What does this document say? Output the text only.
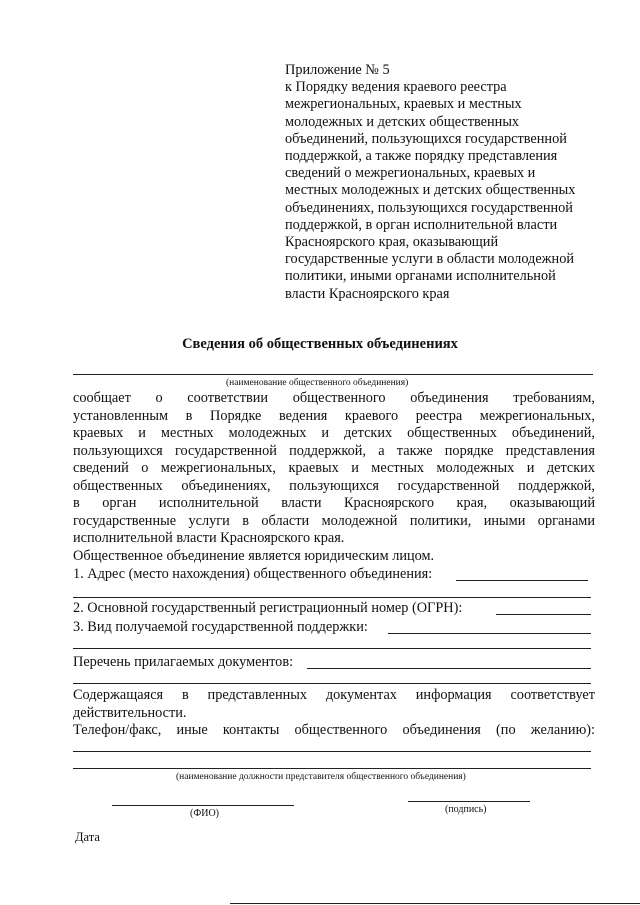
Приложение № 5
к Порядку ведения краевого реестра
межрегиональных, краевых и местных
молодежных и детских общественных
объединений, пользующихся государственной
поддержкой, а также порядку представления
сведений о межрегиональных, краевых и
местных молодежных и детских общественных
объединениях, пользующихся государственной
поддержкой, в орган исполнительной власти
Красноярского края, оказывающий
государственные услуги в области молодежной
политики, иными органами исполнительной
власти Красноярского края
Сведения об общественных объединениях
(наименование общественного объединения)
сообщает о соответствии общественного объединения требованиям,
установленным в Порядке ведения краевого реестра межрегиональных,
краевых и местных молодежных и детских общественных объединений,
пользующихся государственной поддержкой, а также порядке представления
сведений о межрегиональных, краевых и местных молодежных и детских
общественных объединениях, пользующихся государственной поддержкой,
в орган исполнительной власти Красноярского края, оказывающий
государственные услуги в области молодежной политики, иными органами
исполнительной власти Красноярского края.
Общественное объединение является юридическим лицом.
1. Адрес (место нахождения) общественного объединения:
2. Основной государственный регистрационный номер (ОГРН):
3. Вид получаемой государственной поддержки:
Перечень прилагаемых документов:
Содержащаяся в представленных документах информация соответствует
действительности.
Телефон/факс, иные контакты общественного объединения (по желанию):
(наименование должности представителя общественного объединения)
(ФИО)	(подпись)
Дата
